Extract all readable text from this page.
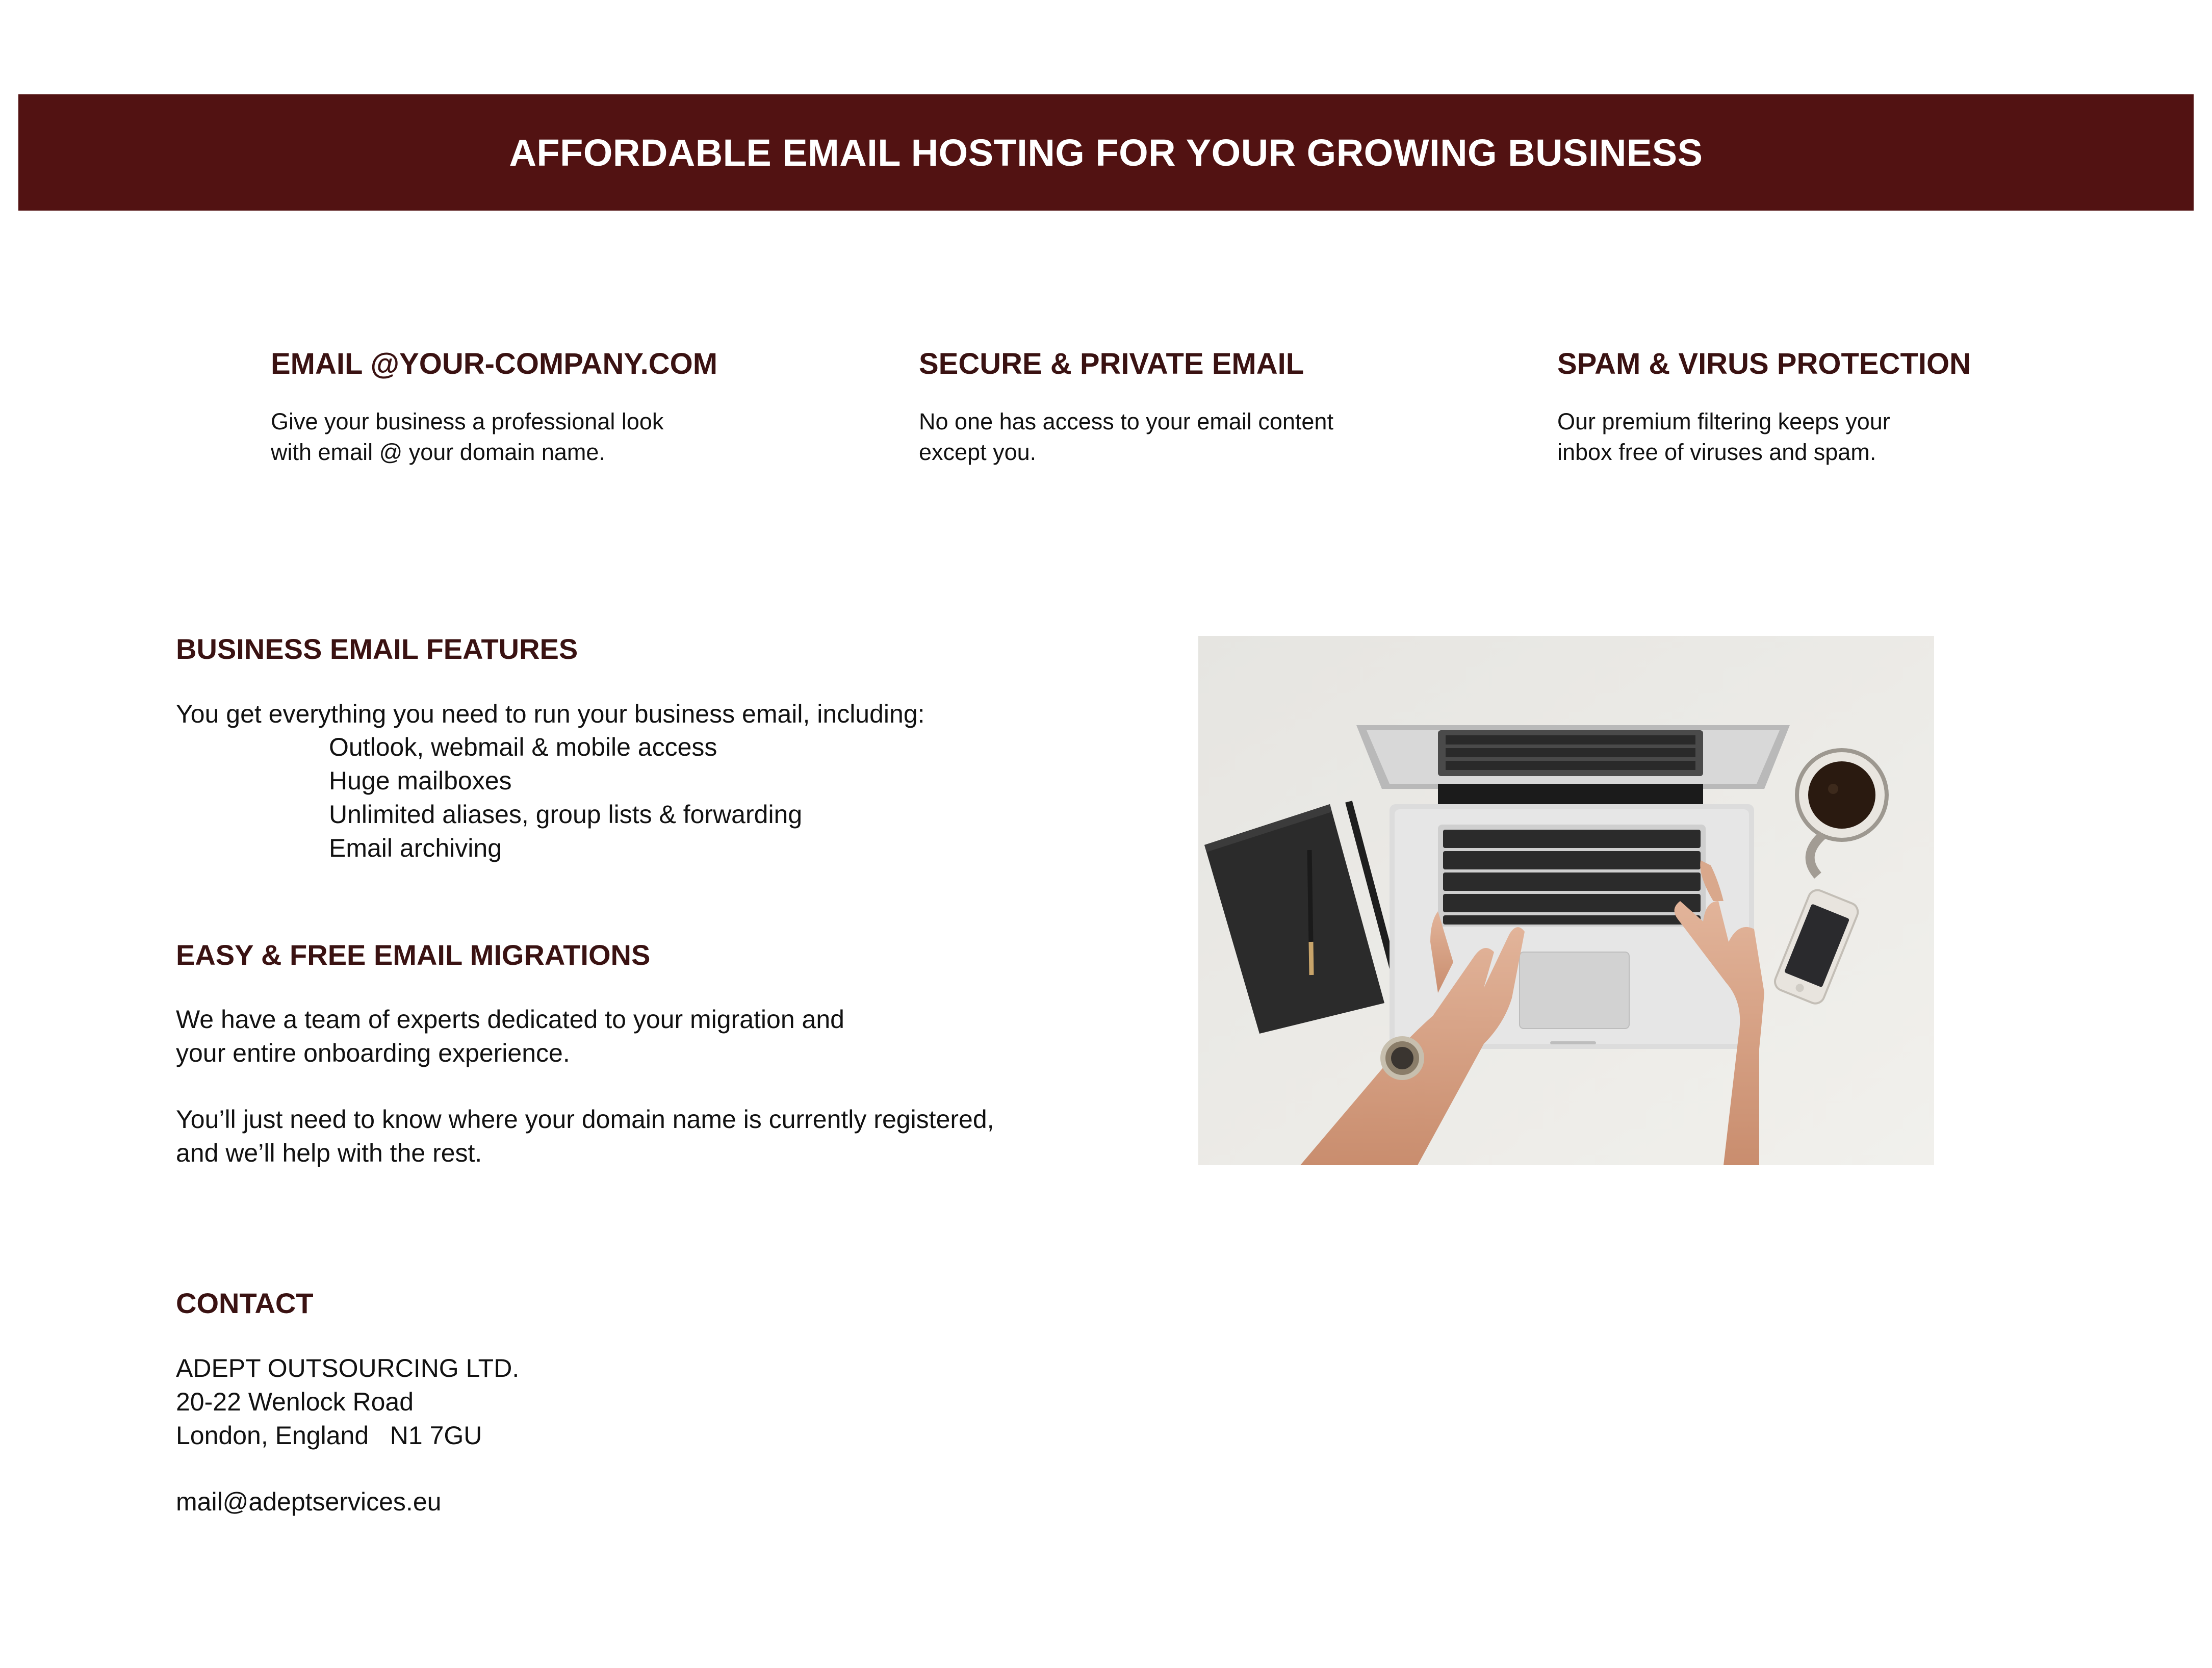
AFFORDABLE EMAIL HOSTING FOR YOUR GROWING BUSINESS
EMAIL @YOUR-COMPANY.COM
Give your business a professional look
with email @ your domain name.
SECURE & PRIVATE EMAIL
No one has access to your email content
except you.
SPAM & VIRUS PROTECTION
Our premium filtering keeps your
inbox free of viruses and spam.
BUSINESS EMAIL FEATURES
You get everything you need to run your business email, including:
Outlook, webmail & mobile access
Huge mailboxes
Unlimited aliases, group lists & forwarding
Email archiving
EASY & FREE EMAIL MIGRATIONS
We have a team of experts dedicated to your migration and
your entire onboarding experience.
You’ll just need to know where your domain name is currently registered,
and we’ll help with the rest.
CONTACT
ADEPT OUTSOURCING LTD.
20-22 Wenlock Road
London, England   N1 7GU
mail@adeptservices.eu
